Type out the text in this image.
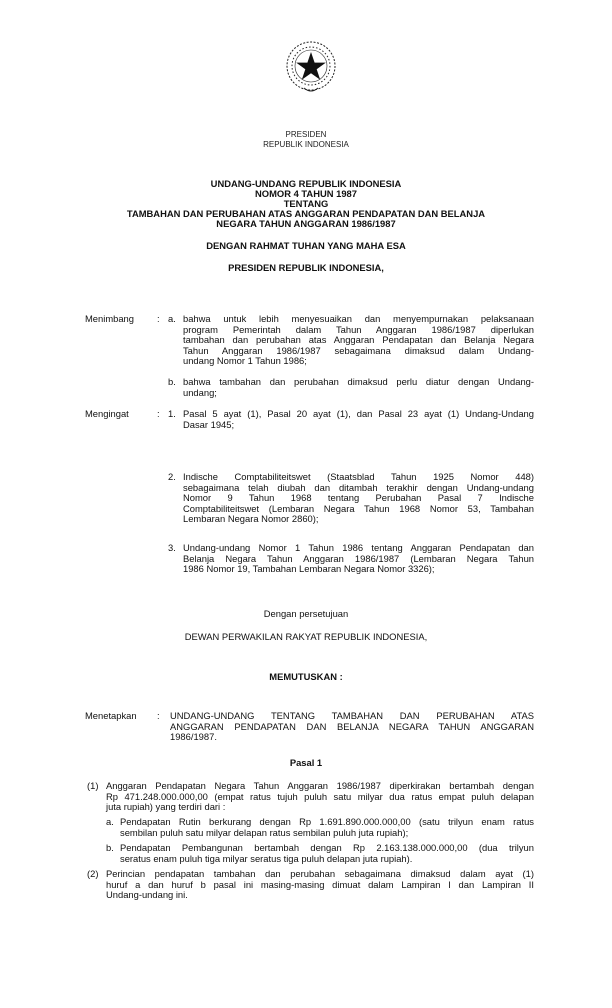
PRESIDEN
REPUBLIK INDONESIA
UNDANG-UNDANG REPUBLIK INDONESIA
NOMOR 4 TAHUN 1987
TENTANG
TAMBAHAN DAN PERUBAHAN ATAS ANGGARAN PENDAPATAN DAN BELANJA
NEGARA TAHUN ANGGARAN 1986/1987
DENGAN RAHMAT TUHAN YANG MAHA ESA
PRESIDEN REPUBLIK INDONESIA,
Menimbang : a. bahwa untuk lebih menyesuaikan dan menyempurnakan pelaksanaan
program Pemerintah dalam Tahun Anggaran 1986/1987 diperlukan
tambahan dan perubahan atas Anggaran Pendapatan dan Belanja Negara
Tahun Anggaran 1986/1987 sebagaimana dimaksud dalam Undang-
undang Nomor 1 Tahun 1986;
b. bahwa tambahan dan perubahan dimaksud perlu diatur dengan Undang-
undang;
Mengingat	: 1. Pasal 5 ayat (1), Pasal 20 ayat (1), dan Pasal 23 ayat (1) Undang-Undang
Dasar 1945;
2. Indische Comptabiliteitswet (Staatsblad Tahun 1925 Nomor 448)
sebagaimana telah diubah dan ditambah terakhir dengan Undang-undang
Nomor 9 Tahun 1968 tentang Perubahan Pasal 7 Indische
Comptabiliteitswet (Lembaran Negara Tahun 1968 Nomor 53, Tambahan
Lembaran Negara Nomor 2860);
3. Undang-undang Nomor 1 Tahun 1986 tentang Anggaran Pendapatan dan
Belanja Negara Tahun Anggaran 1986/1987 (Lembaran Negara Tahun
1986 Nomor 19, Tambahan Lembaran Negara Nomor 3326);
Dengan persetujuan
DEWAN PERWAKILAN RAKYAT REPUBLIK INDONESIA,
MEMUTUSKAN :
Menetapkan : UNDANG-UNDANG TENTANG TAMBAHAN DAN PERUBAHAN ATAS
ANGGARAN PENDAPATAN DAN BELANJA NEGARA TAHUN ANGGARAN
1986/1987.
Pasal 1
(1) Anggaran Pendapatan Negara Tahun Anggaran 1986/1987 diperkirakan bertambah dengan
Rp 471.248.000.000,00 (empat ratus tujuh puluh satu milyar dua ratus empat puluh delapan
juta rupiah) yang terdiri dari :
a. Pendapatan Rutin berkurang dengan Rp 1.691.890.000.000,00 (satu trilyun enam ratus
sembilan puluh satu milyar delapan ratus sembilan puluh juta rupiah);
b. Pendapatan Pembangunan bertambah dengan Rp 2.163.138.000.000,00 (dua trilyun
seratus enam puluh tiga milyar seratus tiga puluh delapan juta rupiah).
(2) Perincian pendapatan tambahan dan perubahan sebagaimana dimaksud dalam ayat (1)
huruf a dan huruf b pasal ini masing-masing dimuat dalam Lampiran I dan Lampiran II
Undang-undang ini.
